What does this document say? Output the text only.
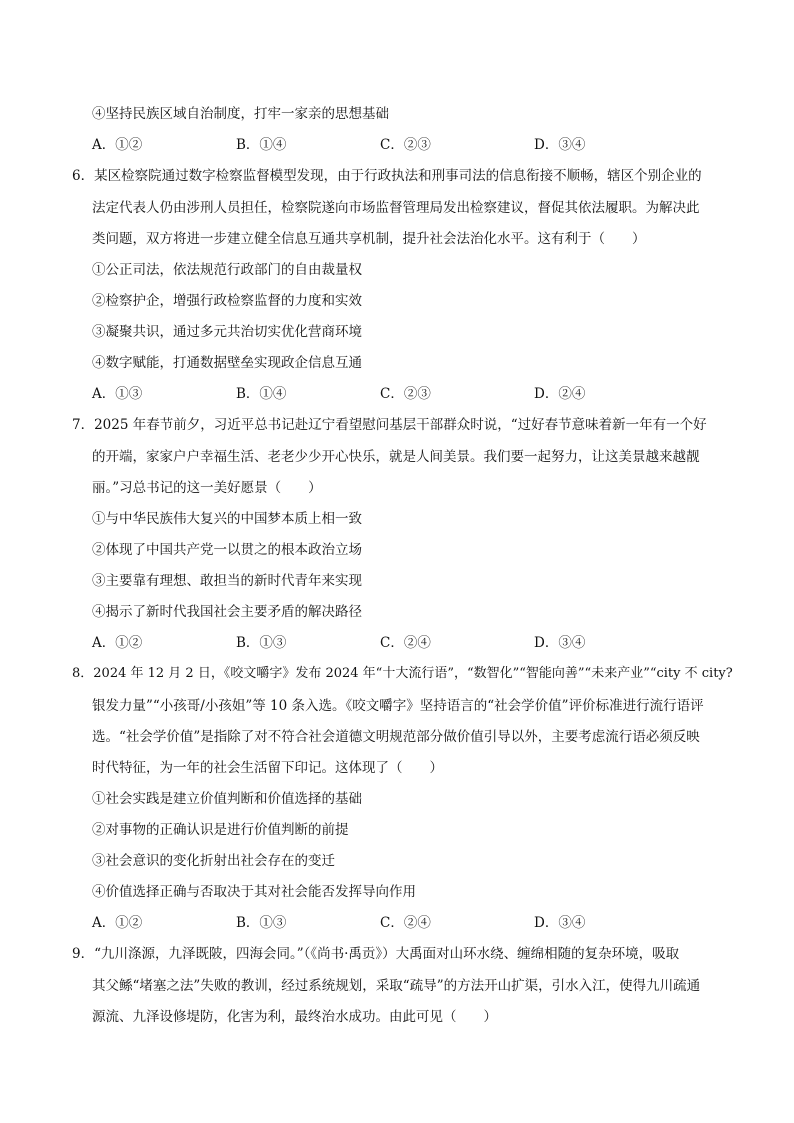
④坚持民族区域自治制度，打牢一家亲的思想基础
A．①②	B．①④	C．②③	D．③④
6．某区检察院通过数字检察监督模型发现，由于行政执法和刑事司法的信息衔接不顺畅，辖区个别企业的
法定代表人仍由涉刑人员担任，检察院遂向市场监督管理局发出检察建议，督促其依法履职。为解决此
类问题，双方将进一步建立健全信息互通共享机制，提升社会法治化水平。这有利于（　　）
①公正司法，依法规范行政部门的自由裁量权
②检察护企，增强行政检察监督的力度和实效
③凝聚共识，通过多元共治切实优化营商环境
④数字赋能，打通数据壁垒实现政企信息互通
A．①③	B．①④	C．②③	D．②④
7．2025 年春节前夕，习近平总书记赴辽宁看望慰问基层干部群众时说，“过好春节意味着新一年有一个好
的开端，家家户户幸福生活、老老少少开心快乐，就是人间美景。我们要一起努力，让这美景越来越靓
丽。”习总书记的这一美好愿景（　　）
①与中华民族伟大复兴的中国梦本质上相一致
②体现了中国共产党一以贯之的根本政治立场
③主要靠有理想、敢担当的新时代青年来实现
④揭示了新时代我国社会主要矛盾的解决路径
A．①②	B．①③	C．②④	D．③④
8．2024 年 12 月 2 日，《咬文嚼字》发布 2024 年“十大流行语”，“数智化”“智能向善”“未来产业”“city 不 city?
银发力量”“小孩哥/小孩姐”等 10 条入选。《咬文嚼字》坚持语言的“社会学价值”评价标准进行流行语评
选。“社会学价值”是指除了对不符合社会道德文明规范部分做价值引导以外，主要考虑流行语必须反映
时代特征，为一年的社会生活留下印记。这体现了（　　）
①社会实践是建立价值判断和价值选择的基础
②对事物的正确认识是进行价值判断的前提
③社会意识的变化折射出社会存在的变迁
④价值选择正确与否取决于其对社会能否发挥导向作用
A．①②	B．①③	C．②④	D．③④
9．“九川涤源，九泽既陂，四海会同。”（《尚书·禹贡》）大禹面对山环水绕、缠绵相随的复杂环境，吸取
其父鲧“堵塞之法”失败的教训，经过系统规划，采取“疏导”的方法开山扩渠，引水入江，使得九川疏通
源流、九泽设修堤防，化害为利，最终治水成功。由此可见（　　）
